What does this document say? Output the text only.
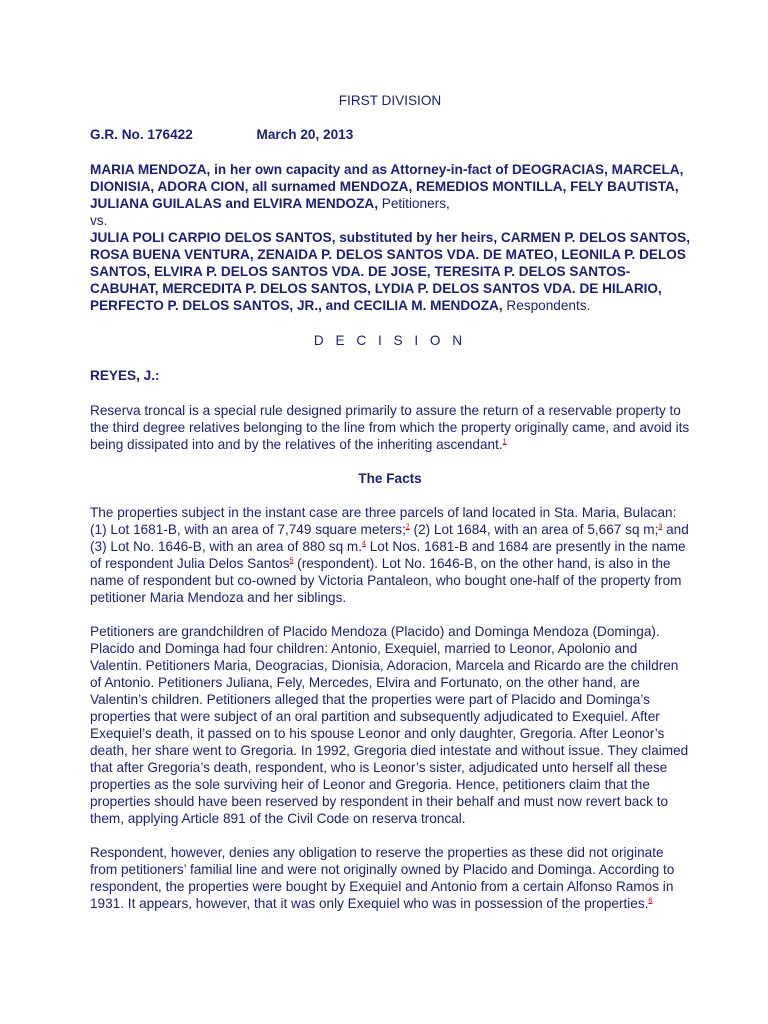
FIRST DIVISION
G.R. No. 176422	March 20, 2013

MARIA MENDOZA, in her own capacity and as Attorney-in-fact of DEOGRACIAS, MARCELA, DIONISIA, ADORA CION, all surnamed MENDOZA, REMEDIOS MONTILLA, FELY BAUTISTA, JULIANA GUILALAS and ELVIRA MENDOZA, Petitioners,

vs.

JULIA POLI CARPIO DELOS SANTOS, substituted by her heirs, CARMEN P. DELOS SANTOS, ROSA BUENA VENTURA, ZENAIDA P. DELOS SANTOS VDA. DE MATEO, LEONILA P. DELOS SANTOS, ELVIRA P. DELOS SANTOS VDA. DE JOSE, TERESITA P. DELOS SANTOS-CABUHAT, MERCEDITA P. DELOS SANTOS, LYDIA P. DELOS SANTOS VDA. DE HILARIO, PERFECTO P. DELOS SANTOS, JR., and CECILIA M. MENDOZA, Respondents.

D E C I S I O N
REYES, J.:

Reserva troncal is a special rule designed primarily to assure the return of a reservable property to the third degree relatives belonging to the line from which the property originally came, and avoid its being dissipated into and by the relatives of the inheriting ascendant.$^1$

The Facts

The properties subject in the instant case are three parcels of land located in Sta. Maria, Bulacan: (1) Lot 1681-B, with an area of 7,749 square meters;$^2$ (2) Lot 1684, with an area of 5,667 sq m;$^3$ and (3) Lot No. 1646-B, with an area of 880 sq m.$^4$ Lot Nos. 1681-B and 1684 are presently in the name of respondent Julia Delos Santos$^5$ (respondent). Lot No. 1646-B, on the other hand, is also in the name of respondent but co-owned by Victoria Pantaleon, who bought one-half of the property from petitioner Maria Mendoza and her siblings.

Petitioners are grandchildren of Placido Mendoza (Placido) and Dominga Mendoza (Dominga). Placido and Dominga had four children: Antonio, Exequiel, married to Leonor, Apolonio and Valentin. Petitioners Maria, Deogracias, Dionisia, Adoracion, Marcela and Ricardo are the children of Antonio. Petitioners Juliana, Fely, Mercedes, Elvira and Fortunato, on the other hand, are Valentin’s children. Petitioners alleged that the properties were part of Placido and Dominga’s properties that were subject of an oral partition and subsequently adjudicated to Exequiel. After Exequiel’s death, it passed on to his spouse Leonor and only daughter, Gregoria. After Leonor’s death, her share went to Gregoria. In 1992, Gregoria died intestate and without issue. They claimed that after Gregoria’s death, respondent, who is Leonor’s sister, adjudicated unto herself all these properties as the sole surviving heir of Leonor and Gregoria. Hence, petitioners claim that the properties should have been reserved by respondent in their behalf and must now revert back to them, applying Article 891 of the Civil Code on reserva troncal.

Respondent, however, denies any obligation to reserve the properties as these did not originate from petitioners’ familial line and were not originally owned by Placido and Dominga. According to respondent, the properties were bought by Exequiel and Antonio from a certain Alfonso Ramos in 1931. It appears, however, that it was only Exequiel who was in possession of the properties.$^6$
